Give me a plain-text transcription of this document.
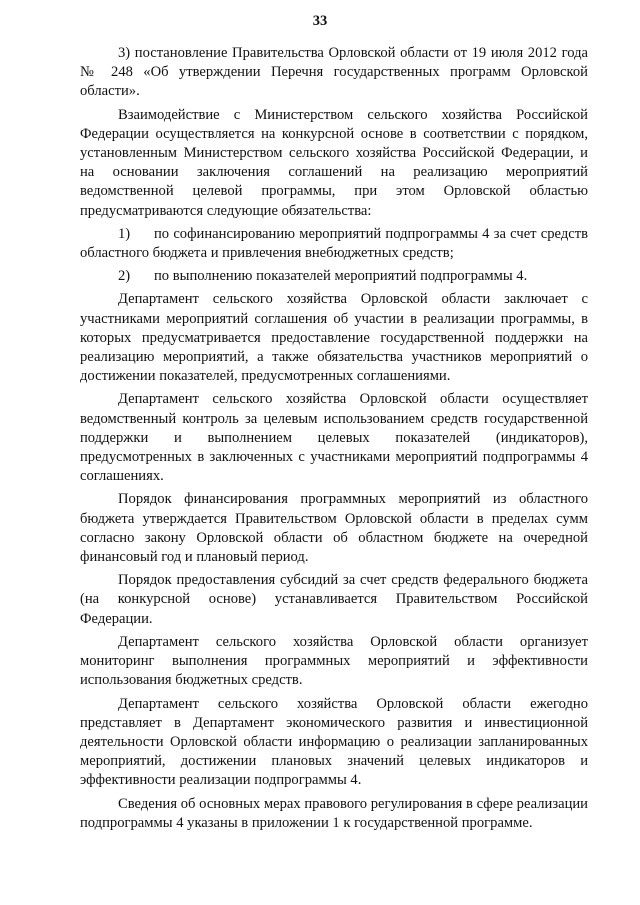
33

3) постановление Правительства Орловской области от 19 июля 2012 года № 248 «Об утверждении Перечня государственных программ Орловской области».

Взаимодействие с Министерством сельского хозяйства Российской Федерации осуществляется на конкурсной основе в соответствии с порядком, установленным Министерством сельского хозяйства Российской Федерации, и на основании заключения соглашений на реализацию мероприятий ведомственной целевой программы, при этом Орловской областью предусматриваются следующие обязательства:

1) по софинансированию мероприятий подпрограммы 4 за счет средств областного бюджета и привлечения внебюджетных средств;

2) по выполнению показателей мероприятий подпрограммы 4.

Департамент сельского хозяйства Орловской области заключает с участниками мероприятий соглашения об участии в реализации программы, в которых предусматривается предоставление государственной поддержки на реализацию мероприятий, а также обязательства участников мероприятий о достижении показателей, предусмотренных соглашениями.

Департамент сельского хозяйства Орловской области осуществляет ведомственный контроль за целевым использованием средств государственной поддержки и выполнением целевых показателей (индикаторов), предусмотренных в заключенных с участниками мероприятий подпрограммы 4 соглашениях.

Порядок финансирования программных мероприятий из областного бюджета утверждается Правительством Орловской области в пределах сумм согласно закону Орловской области об областном бюджете на очередной финансовый год и плановый период.

Порядок предоставления субсидий за счет средств федерального бюджета (на конкурсной основе) устанавливается Правительством Российской Федерации.

Департамент сельского хозяйства Орловской области организует мониторинг выполнения программных мероприятий и эффективности использования бюджетных средств.

Департамент сельского хозяйства Орловской области ежегодно представляет в Департамент экономического развития и инвестиционной деятельности Орловской области информацию о реализации запланированных мероприятий, достижении плановых значений целевых индикаторов и эффективности реализации подпрограммы 4.

Сведения об основных мерах правового регулирования в сфере реализации подпрограммы 4 указаны в приложении 1 к государственной программе.
